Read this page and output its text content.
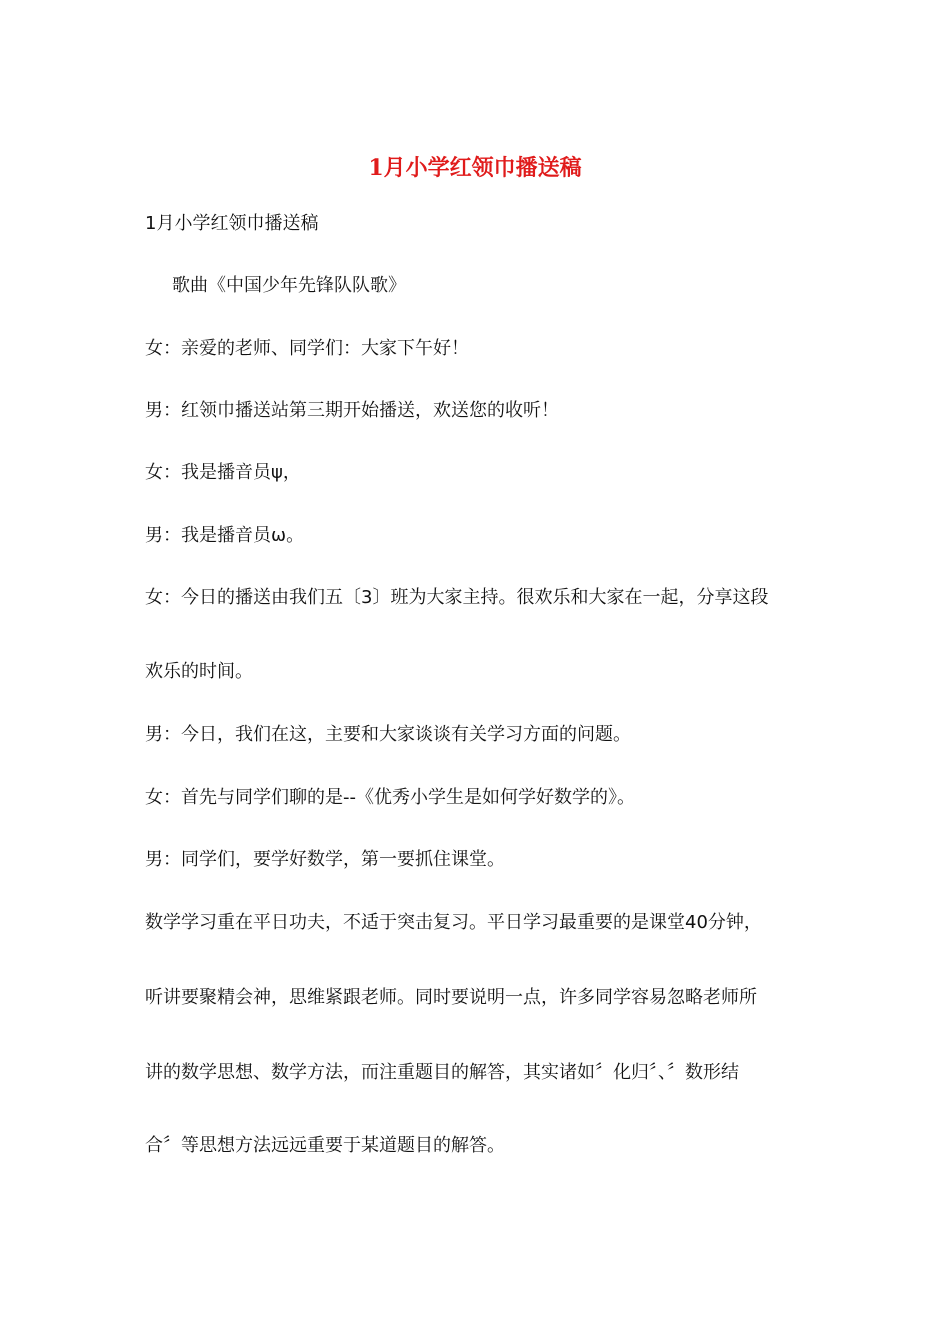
1月小学红领巾播送稿
1月小学红领巾播送稿
歌曲《中国少年先锋队队歌》
女：亲爱的老师、同学们：大家下午好！
男：红领巾播送站第三期开始播送，欢送您的收听！
女：我是播音员ψ，
男：我是播音员ω。
女：今日的播送由我们五〔3〕班为大家主持。很欢乐和大家在一起，分享这段
欢乐的时间。
男：今日，我们在这，主要和大家谈谈有关学习方面的问题。
女：首先与同学们聊的是--《优秀小学生是如何学好数学的》。
男：同学们，要学好数学，第一要抓住课堂。
数学学习重在平日功夫，不适于突击复习。平日学习最重要的是课堂40分钟，
听讲要聚精会神，思维紧跟老师。同时要说明一点，许多同学容易忽略老师所
讲的数学思想、数学方法，而注重题目的解答，其实诸如〞化归〞、〞数形结
合〞等思想方法远远重要于某道题目的解答。
